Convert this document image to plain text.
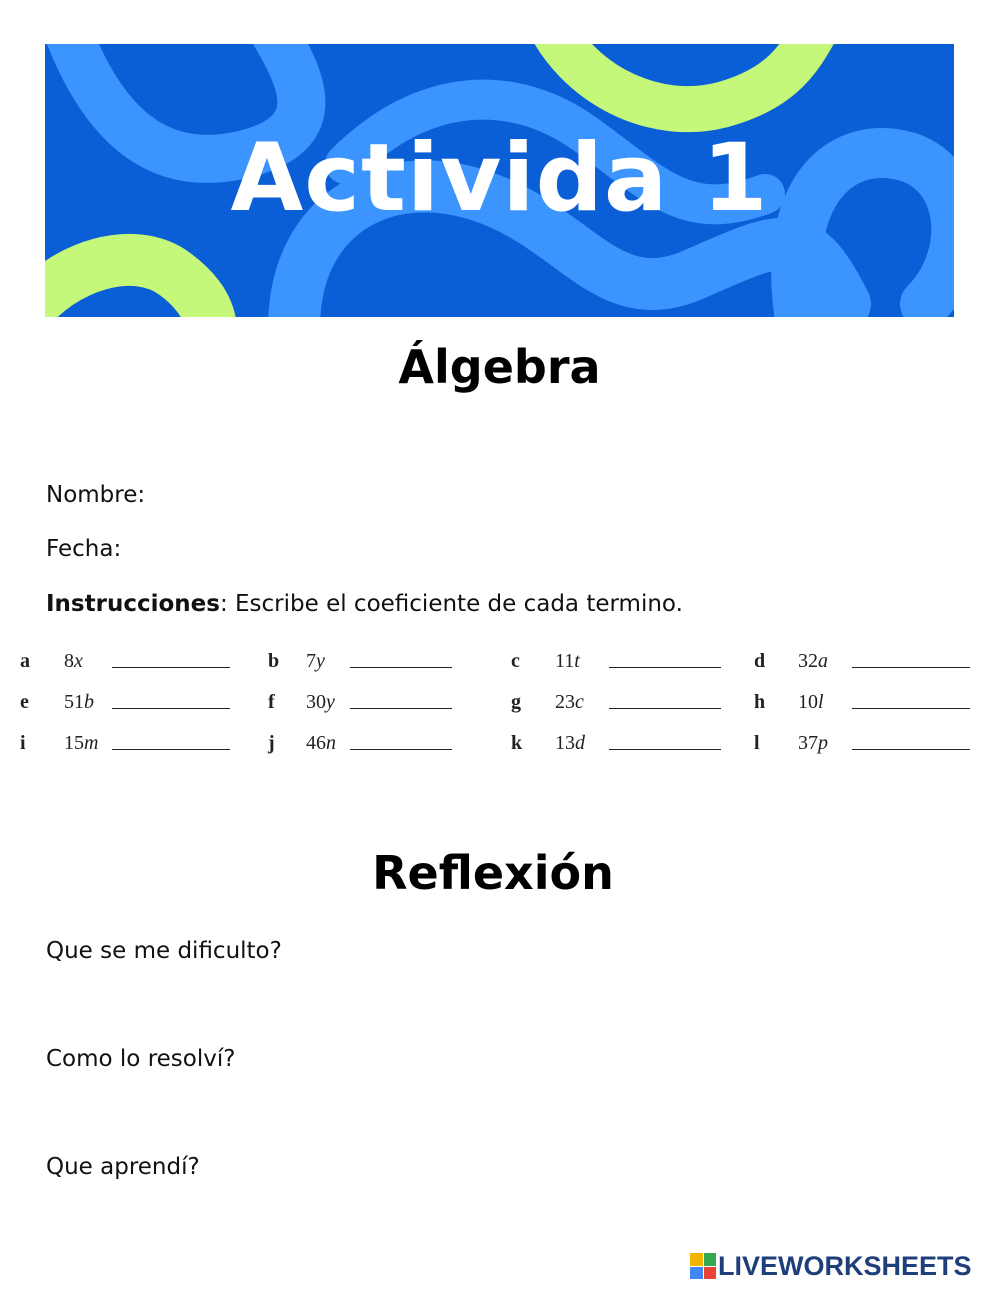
Activida 1
Álgebra
Nombre:
Fecha:
Instrucciones: Escribe el coeficiente de cada termino.
a 8x	b 7y	c 11t	d 32a
e 51b	f 30y	g 23c	h 10l
i 15m	j 46n	k 13d	l 37p
Reflexión
Que se me dificulto?
Como lo resolví?
Que aprendí?
LIVEWORKSHEETS
